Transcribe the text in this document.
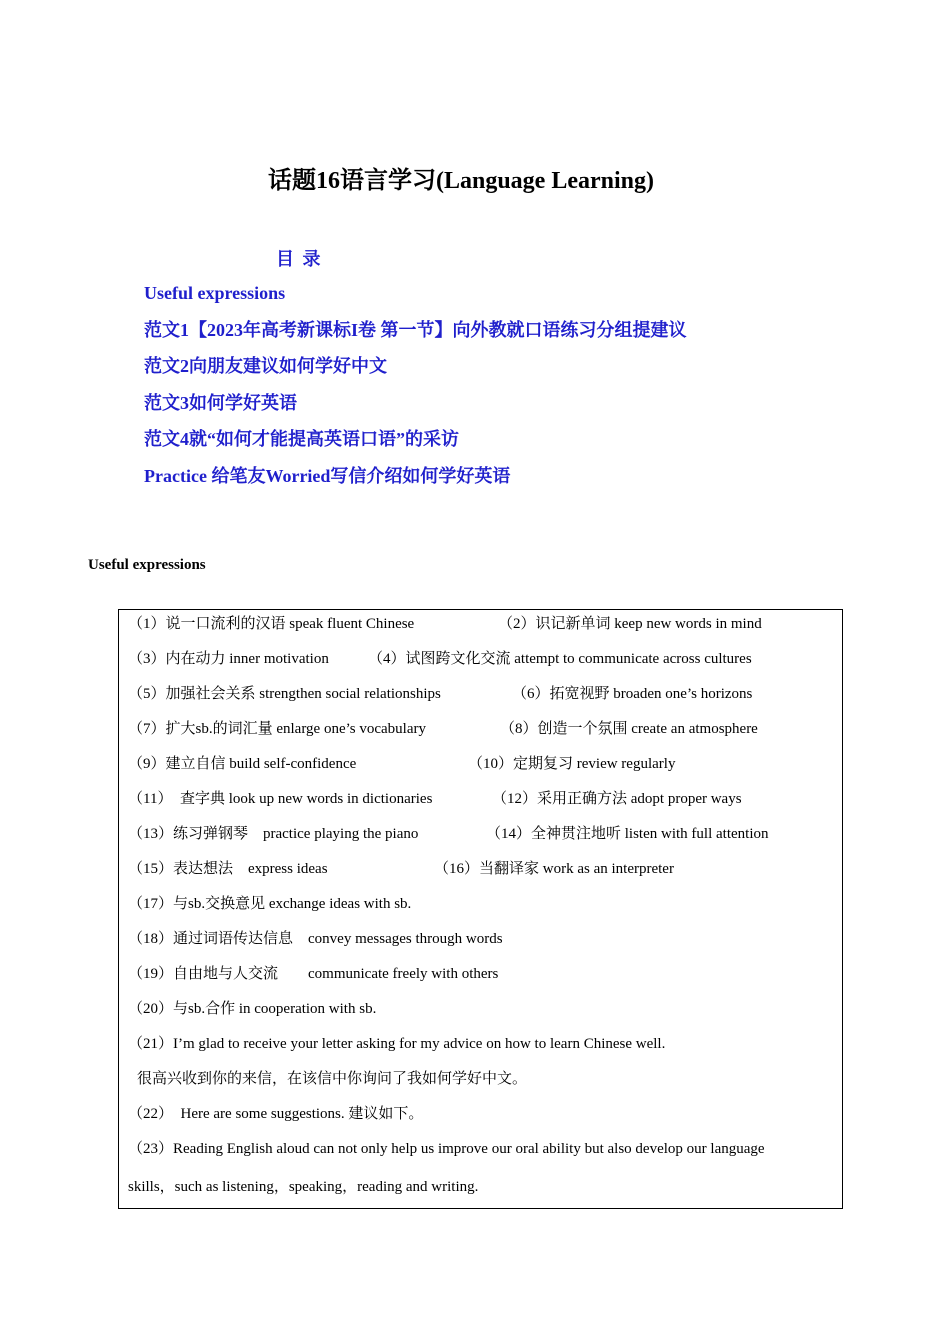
话题16语言学习(Language Learning)
目 录
Useful expressions
范文1【2023年高考新课标I卷 第一节】向外教就口语练习分组提建议
范文2向朋友建议如何学好中文
范文3如何学好英语
范文4就“如何才能提高英语口语”的采访
Practice 给笔友Worried写信介绍如何学好英语
Useful expressions
（1）说一口流利的汉语 speak fluent Chinese	（2）识记新单词 keep new words in mind
（3）内在动力 inner motivation	（4）试图跨文化交流 attempt to communicate across cultures
（5）加强社会关系 strengthen social relationships	（6）拓宽视野 broaden one’s horizons
（7）扩大sb.的词汇量 enlarge one’s vocabulary	（8）创造一个氛围 create an atmosphere
（9）建立自信 build self-confidence	（10）定期复习 review regularly
（11）　查字典 look up new words in dictionaries	（12）采用正确方法 adopt proper ways
（13）练习弹钢琴　practice playing the piano	（14）全神贯注地听 listen with full attention
（15）表达想法　express ideas	（16）当翻译家 work as an interpreter
（17）与sb.交换意见 exchange ideas with sb.
（18）通过词语传达信息　convey messages through words
（19）自由地与人交流　　communicate freely with others
（20）与sb.合作 in cooperation with sb.
（21）I’m glad to receive your letter asking for my advice on how to learn Chinese well.
很高兴收到你的来信，在该信中你询问了我如何学好中文。
（22）　Here are some suggestions. 建议如下。
（23）Reading English aloud can not only help us improve our oral ability but also develop our language
skills，such as listening，speaking，reading and writing.
